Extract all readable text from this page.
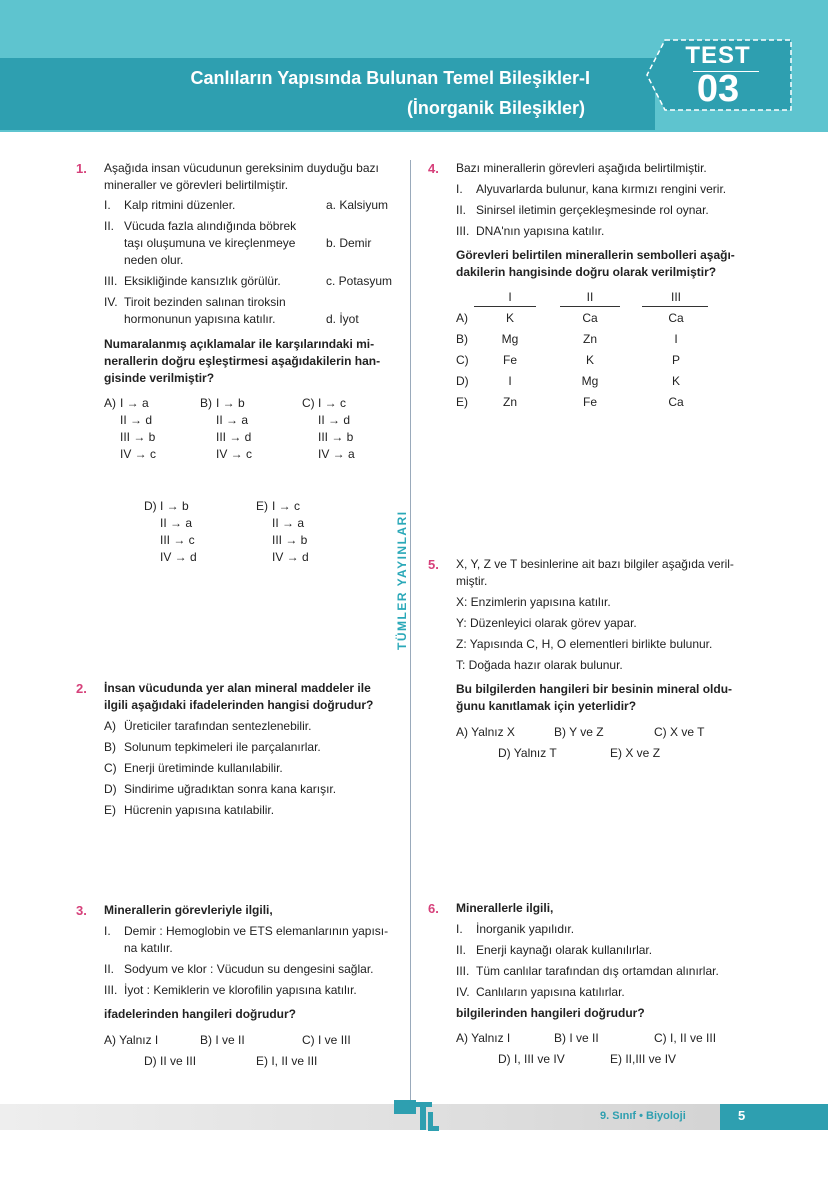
Canlıların Yapısında Bulunan Temel Bileşikler-I
(İnorganik Bileşikler)
TEST
03
TÜMLER YAYINLARI
1. Aşağıda insan vücudunun gereksinim duyduğu bazı
mineraller ve görevleri belirtilmiştir.
I. Kalp ritmini düzenler.	a. Kalsiyum
II. Vücuda fazla alındığında böbrek
taşı oluşumuna ve kireçlenmeye
neden olur.
b. Demir
III. Eksikliğinde kansızlık görülür.	c. Potasyum
IV. Tiroit bezinden salınan tiroksin
hormonunun yapısına katılır.	d. İyot
Numaralanmış açıklamalar ile karşılarındaki mi-
nerallerin doğru eşleştirmesi aşağıdakilerin han-
gisinde verilmiştir?
A) I → a
II → d
III → b
IV → c
B) I → b
II → a
III → d
IV → c
C) I → c
II → d
III → b
IV → a
D) I → b
II → a
III → c
IV → d
E) I → c
II → a
III → b
IV → d
2. İnsan vücudunda yer alan mineral maddeler ile
ilgili aşağıdaki ifadelerinden hangisi doğrudur?
A) Üreticiler tarafından sentezlenebilir.
B) Solunum tepkimeleri ile parçalanırlar.
C) Enerji üretiminde kullanılabilir.
D) Sindirime uğradıktan sonra kana karışır.
E) Hücrenin yapısına katılabilir.
3. Minerallerin görevleriyle ilgili,
I. Demir : Hemoglobin ve ETS elemanlarının yapısı-
na katılır.
II. Sodyum ve klor : Vücudun su dengesini sağlar.
III. İyot : Kemiklerin ve klorofilin yapısına katılır.
ifadelerinden hangileri doğrudur?
A) Yalnız I	B) I ve II	C) I ve III
D) II ve III	E) I, II ve III
4. Bazı minerallerin görevleri aşağıda belirtilmiştir.
I. Alyuvarlarda bulunur, kana kırmızı rengini verir.
II. Sinirsel iletimin gerçekleşmesinde rol oynar.
III. DNA'nın yapısına katılır.
Görevleri belirtilen minerallerin sembolleri aşağı-
dakilerin hangisinde doğru olarak verilmiştir?
I	II	III
A)	K	Ca	Ca
B)	Mg	Zn	I
C)	Fe	K	P
D)	I	Mg	K
E)	Zn	Fe	Ca
5. X, Y, Z ve T besinlerine ait bazı bilgiler aşağıda veril-
miştir.
X: Enzimlerin yapısına katılır.
Y: Düzenleyici olarak görev yapar.
Z: Yapısında C, H, O elementleri birlikte bulunur.
T: Doğada hazır olarak bulunur.
Bu bilgilerden hangileri bir besinin mineral oldu-
ğunu kanıtlamak için yeterlidir?
A) Yalnız X	B) Y ve Z	C) X ve T
D) Yalnız T	E) X ve Z
6. Minerallerle ilgili,
I. İnorganik yapılıdır.
II. Enerji kaynağı olarak kullanılırlar.
III. Tüm canlılar tarafından dış ortamdan alınırlar.
IV. Canlıların yapısına katılırlar.
bilgilerinden hangileri doğrudur?
A) Yalnız I	B) I ve II	C) I, II ve III
D) I, III ve IV	E) II,III ve IV
9. Sınıf • Biyoloji	5
